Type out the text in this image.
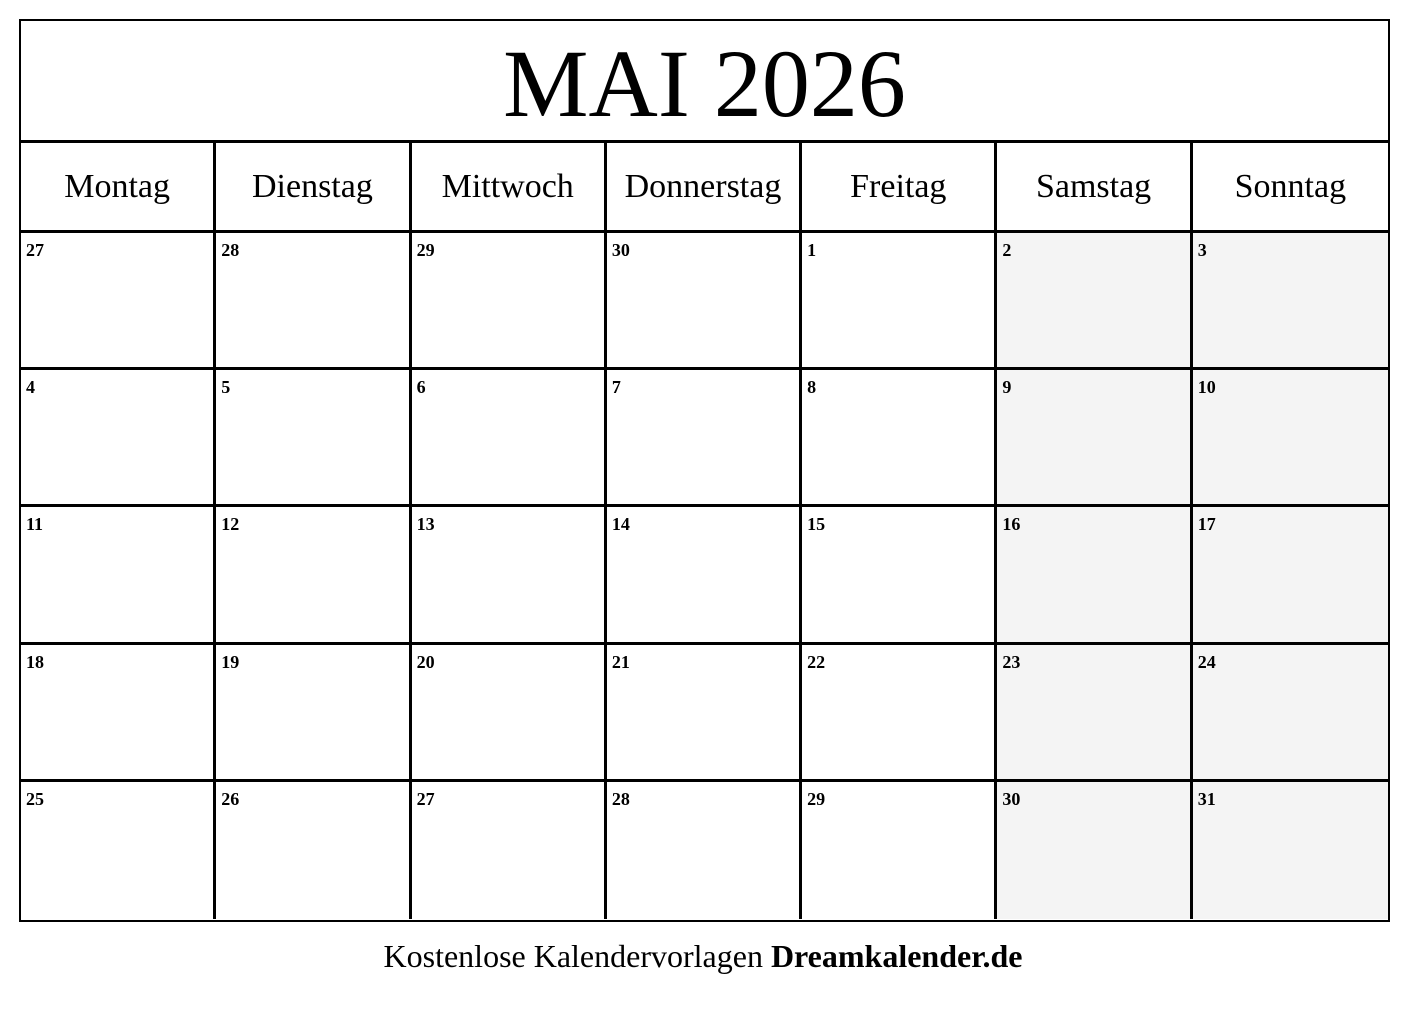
MAI 2026
Montag	Dienstag	Mittwoch	Donnerstag	Freitag	Samstag	Sonntag
27	28	29	30	1	2	3
4	5	6	7	8	9	10
11	12	13	14	15	16	17
18	19	20	21	22	23	24
25	26	27	28	29	30	31
Kostenlose Kalendervorlagen Dreamkalender.de
